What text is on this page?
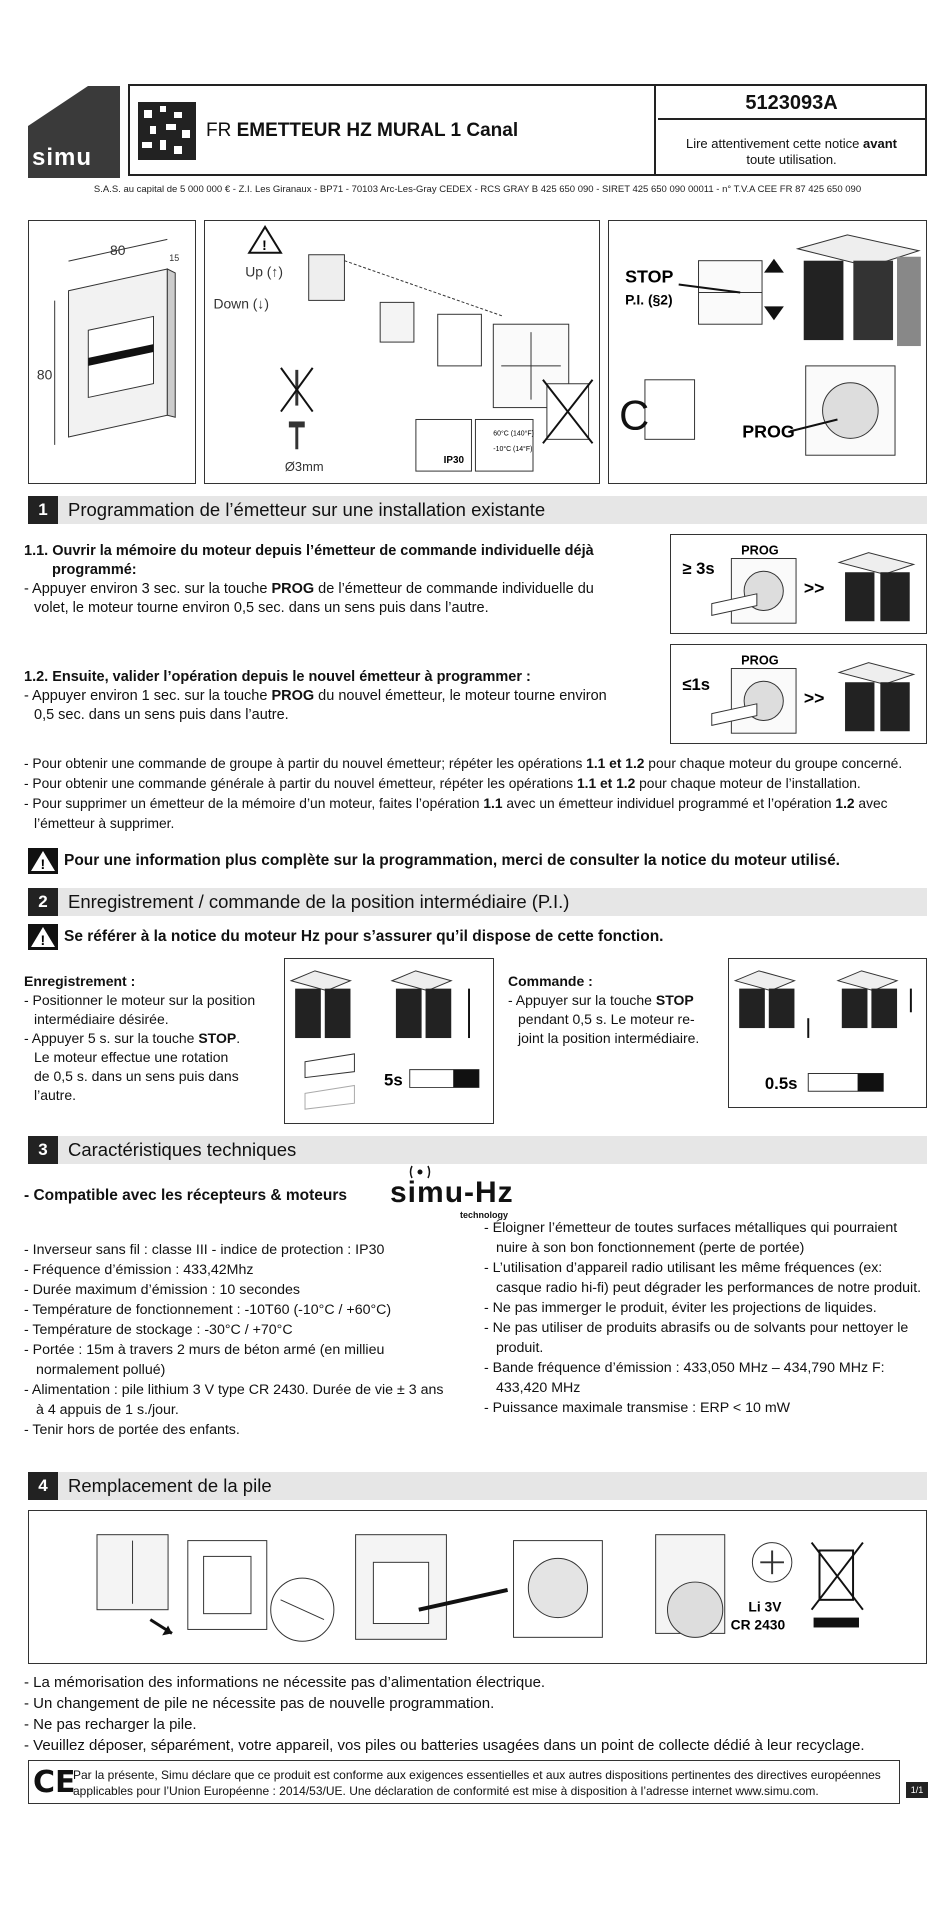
simu
FR EMETTEUR HZ MURAL 1 Canal
5123093A
Lire attentivement cette notice avant
toute utilisation.
S.A.S. au capital de 5 000 000 € - Z.I. Les Giranaux - BP71 - 70103 Arc-Les-Gray CEDEX - RCS GRAY B 425 650 090 - SIRET 425 650 090 00011 - n° T.V.A CEE FR 87 425 650 090
80	15
80
!
Up (↑)
Down (↓)
Ø3mm	IP30
60°C (140°F)
-10°C (14°F)
STOP
P.I. (§2)
C	PROG
1	Programmation de l’émetteur sur une installation existante
1.1. Ouvrir la mémoire du moteur depuis l’émetteur de commande individuelle déjà
programmé:
- Appuyer environ 3 sec. sur la touche PROG de l’émetteur de commande individuelle du
volet, le moteur tourne environ 0,5 sec. dans un sens puis dans l’autre.
≥ 3s
PROG
>>
1.2. Ensuite, valider l’opération depuis le nouvel émetteur à programmer :
- Appuyer environ 1 sec. sur la touche PROG du nouvel émetteur, le moteur tourne environ
0,5 sec. dans un sens puis dans l’autre.
≤1s
PROG
>>
- Pour obtenir une commande de groupe à partir du nouvel émetteur; répéter les opérations 1.1 et 1.2 pour chaque moteur du groupe concerné.
- Pour obtenir une commande générale à partir du nouvel émetteur, répéter les opérations 1.1 et 1.2 pour chaque moteur de l’installation.
- Pour supprimer un émetteur de la mémoire d’un moteur, faites l’opération 1.1 avec un émetteur individuel programmé et l’opération 1.2 avec
l’émetteur à supprimer.
! Pour une information plus complète sur la programmation, merci de consulter la notice du moteur utilisé.
2	Enregistrement / commande de la position intermédiaire (P.I.)
! Se référer à la notice du moteur Hz pour s’assurer qu’il dispose de cette fonction.
Enregistrement :
- Positionner le moteur sur la position
intermédiaire désirée.
- Appuyer 5 s. sur la touche STOP.
Le moteur effectue une rotation
de 0,5 s. dans un sens puis dans
l’autre.
5s
Commande :
- Appuyer sur la touche STOP
pendant 0,5 s. Le moteur re-
joint la position intermédiaire.
0.5s
3	Caractéristiques techniques
- Compatible avec les récepteurs & moteurs simu-Hz
technology

- Inverseur sans fil : classe III - indice de protection : IP30

- Fréquence d’émission : 433,42Mhz

- Durée maximum d’émission : 10 secondes

- Température de fonctionnement : -10T60 (-10°C / +60°C)

- Température de stockage : -30°C / +70°C

- Portée : 15m à travers 2 murs de béton armé (en millieu normalement pollué)

- Alimentation : pile lithium 3 V type CR 2430. Durée de vie ± 3 ans à 4 appuis de 1 s./jour.

- Tenir hors de portée des enfants.

- Éloigner l’émetteur de toutes surfaces métalliques qui pourraient nuire à son bon fonctionnement (perte de portée)

- L’utilisation d’appareil radio utilisant les même fréquences (ex: casque radio hi-fi) peut dégrader les performances de notre produit.

- Ne pas immerger le produit, éviter les projections de liquides.

- Ne pas utiliser de produits abrasifs ou de solvants pour nettoyer le produit.

- Bande fréquence d’émission : 433,050 MHz – 434,790 MHz F: 433,420 MHz

- Puissance maximale transmise : ERP < 10 mW

4	Remplacement de la pile
Li 3V
CR 2430

- La mémorisation des informations ne nécessite pas d’alimentation électrique.

- Un changement de pile ne nécessite pas de nouvelle programmation.

- Ne pas recharger la pile.

- Veuillez déposer, séparément, votre appareil, vos piles ou batteries usagées dans un point de collecte dédié à leur recyclage.

CE
Par la présente, Simu déclare que ce produit est conforme aux exigences essentielles et aux autres dispositions pertinentes des directives européennes applicables pour l’Union Européenne : 2014/53/UE. Une déclaration de conformité est mise à disposition à l’adresse internet www.simu.com.	1/1
